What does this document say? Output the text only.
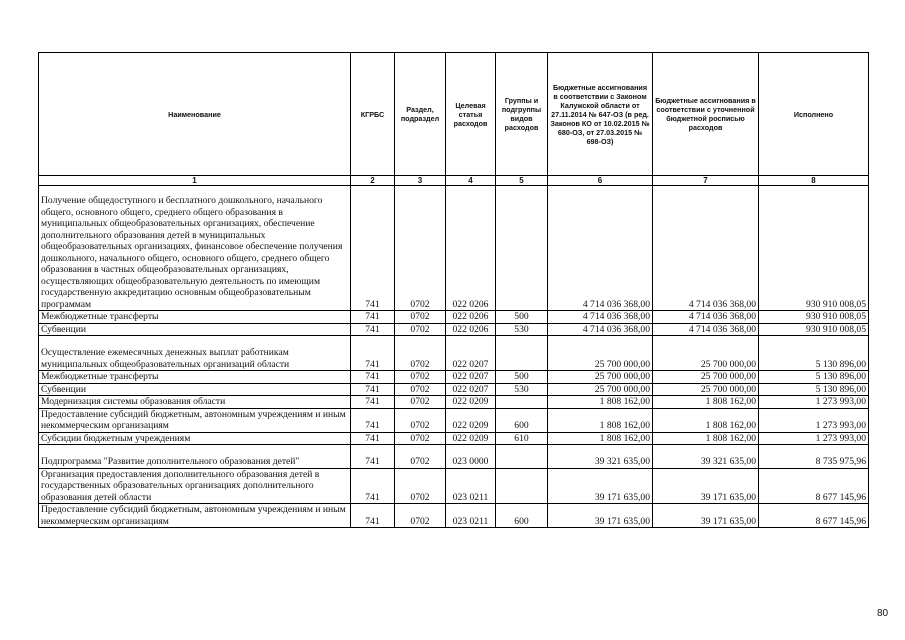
Наименование	КГРБС	Раздел, подраздел	Целевая статья расходов	Группы и подгруппы видов расходов	Бюджетные ассигнования в соответствии с Законом Калужской области от 27.11.2014 № 647-ОЗ (в ред. Законов КО от 10.02.2015 № 680-ОЗ, от 27.03.2015 № 698-ОЗ)	Бюджетные ассигнования в соответствии с уточненной бюджетной росписью расходов	Исполнено
1	2	3	4	5	6	7	8
Получение общедоступного и бесплатного дошкольного, начального общего, основного общего, среднего общего образования в муниципальных общеобразовательных организациях, обеспечение дополнительного образования детей в муниципальных общеобразовательных организациях, финансовое обеспечение получения дошкольного, начального общего, основного общего, среднего общего образования в частных общеобразовательных организациях, осуществляющих общеобразовательную деятельность по имеющим государственную аккредитацию основным общеобразовательным программам	741	0702	022 0206		4 714 036 368,00	4 714 036 368,00	930 910 008,05
Межбюджетные трансферты	741	0702	022 0206	500	4 714 036 368,00	4 714 036 368,00	930 910 008,05
Субвенции	741	0702	022 0206	530	4 714 036 368,00	4 714 036 368,00	930 910 008,05
Осуществление ежемесячных денежных выплат работникам муниципальных общеобразовательных организаций области	741	0702	022 0207		25 700 000,00	25 700 000,00	5 130 896,00
Межбюджетные трансферты	741	0702	022 0207	500	25 700 000,00	25 700 000,00	5 130 896,00
Субвенции	741	0702	022 0207	530	25 700 000,00	25 700 000,00	5 130 896,00
Модернизация системы образования области	741	0702	022 0209		1 808 162,00	1 808 162,00	1 273 993,00
Предоставление субсидий бюджетным, автономным учреждениям и иным некоммерческим организациям	741	0702	022 0209	600	1 808 162,00	1 808 162,00	1 273 993,00
Субсидии бюджетным учреждениям	741	0702	022 0209	610	1 808 162,00	1 808 162,00	1 273 993,00
Подпрограмма "Развитие дополнительного образования детей"	741	0702	023 0000		39 321 635,00	39 321 635,00	8 735 975,96
Организация предоставления дополнительного образования детей в государственных образовательных организациях дополнительного образования детей области	741	0702	023 0211		39 171 635,00	39 171 635,00	8 677 145,96
Предоставление субсидий бюджетным, автономным учреждениям и иным некоммерческим организациям	741	0702	023 0211	600	39 171 635,00	39 171 635,00	8 677 145,96
80
